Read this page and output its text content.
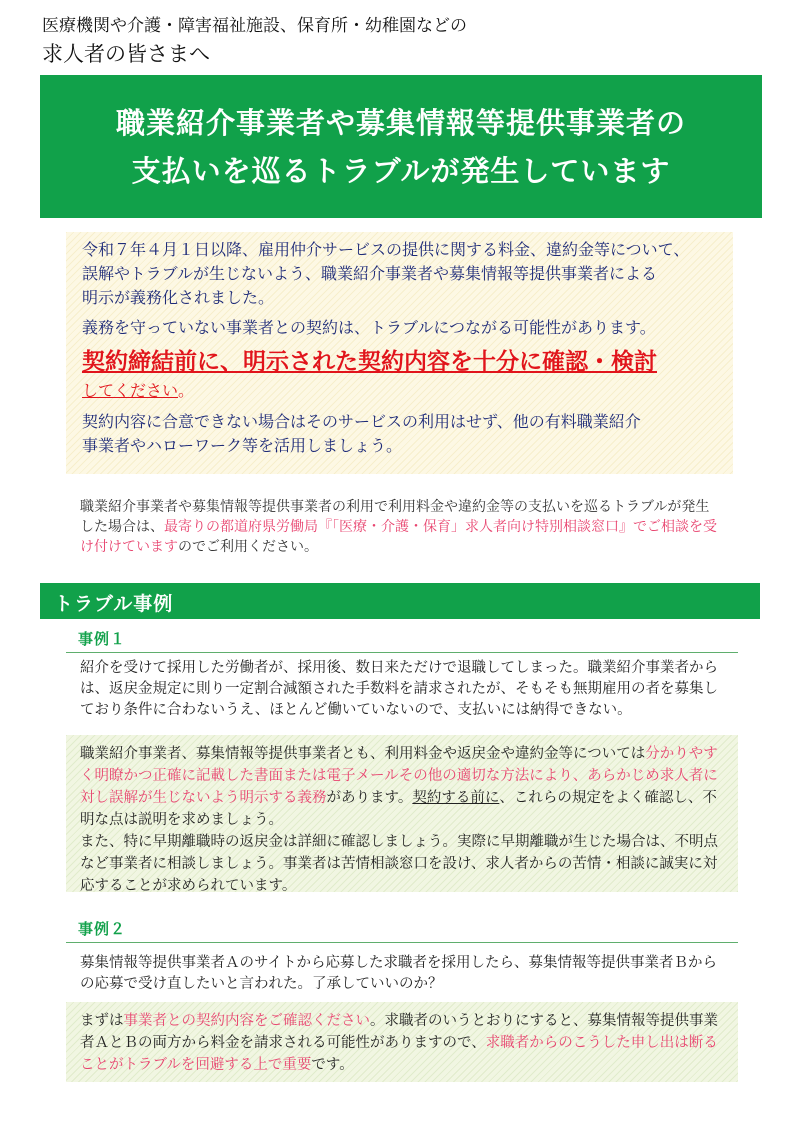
医療機関や介護・障害福祉施設、保育所・幼稚園などの
求人者の皆さまへ
職業紹介事業者や募集情報等提供事業者の
支払いを巡るトラブルが発生しています

令和７年４月１日以降、雇用仲介サービスの提供に関する料金、違約金等について、
誤解やトラブルが生じないよう、職業紹介事業者や募集情報等提供事業者による
明示が義務化されました。

義務を守っていない事業者との契約は、トラブルにつながる可能性があります。

契約締結前に、明示された契約内容を十分に確認・検討

してください。

契約内容に合意できない場合はそのサービスの利用はせず、他の有料職業紹介
事業者やハローワーク等を活用しましょう。

職業紹介事業者や募集情報等提供事業者の利用で利用料金や違約金等の支払いを巡るトラブルが発生した場合は、最寄りの都道府県労働局『「医療・介護・保育」求人者向け特別相談窓口』でご相談を受け付けていますのでご利用ください。
トラブル事例
事例１
紹介を受けて採用した労働者が、採用後、数日来ただけで退職してしまった。職業紹介事業者からは、返戻金規定に則り一定割合減額された手数料を請求されたが、そもそも無期雇用の者を募集しており条件に合わないうえ、ほとんど働いていないので、支払いには納得できない。

職業紹介事業者、募集情報等提供事業者とも、利用料金や返戻金や違約金等については分かりやすく明瞭かつ正確に記載した書面または電子メールその他の適切な方法により、あらかじめ求人者に対し誤解が生じないよう明示する義務があります。契約する前に、これらの規定をよく確認し、不明な点は説明を求めましょう。

また、特に早期離職時の返戻金は詳細に確認しましょう。実際に早期離職が生じた場合は、不明点など事業者に相談しましょう。事業者は苦情相談窓口を設け、求人者からの苦情・相談に誠実に対応することが求められています。

事例２
募集情報等提供事業者Ａのサイトから応募した求職者を採用したら、募集情報等提供事業者Ｂからの応募で受け直したいと言われた。了承していいのか？

まずは事業者との契約内容をご確認ください。求職者のいうとおりにすると、募集情報等提供事業者ＡとＢの両方から料金を請求される可能性がありますので、求職者からのこうした申し出は断ることがトラブルを回避する上で重要です。
